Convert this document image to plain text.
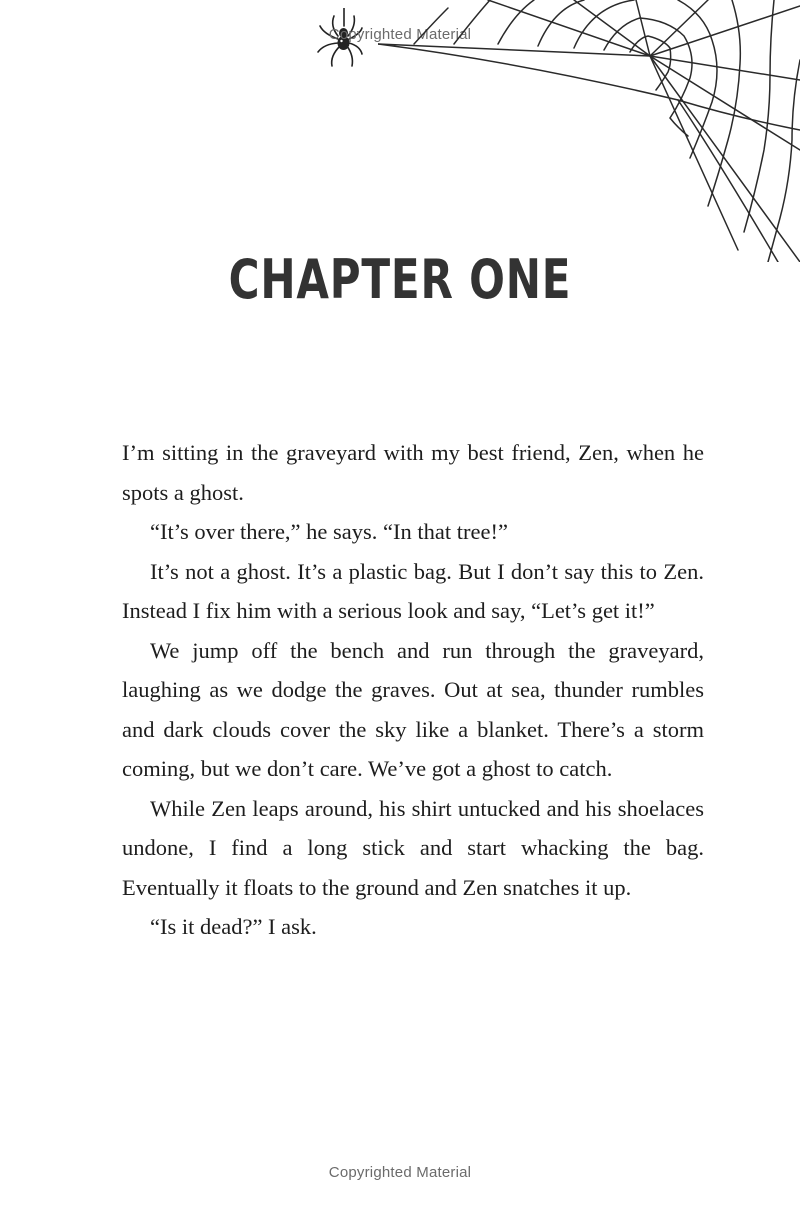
Copyrighted Material
CHAPTER ONE

I’m sitting in the graveyard with my best friend, Zen, when he spots a ghost.

“It’s over there,” he says. “In that tree!”

It’s not a ghost. It’s a plastic bag. But I don’t say this to Zen. Instead I fix him with a serious look and say, “Let’s get it!”

We jump off the bench and run through the graveyard, laughing as we dodge the graves. Out at sea, thunder rumbles and dark clouds cover the sky like a blanket. There’s a storm coming, but we don’t care. We’ve got a ghost to catch.

While Zen leaps around, his shirt untucked and his shoelaces undone, I find a long stick and start whacking the bag. Eventually it floats to the ground and Zen snatches it up.

“Is it dead?” I ask.

Copyrighted Material
